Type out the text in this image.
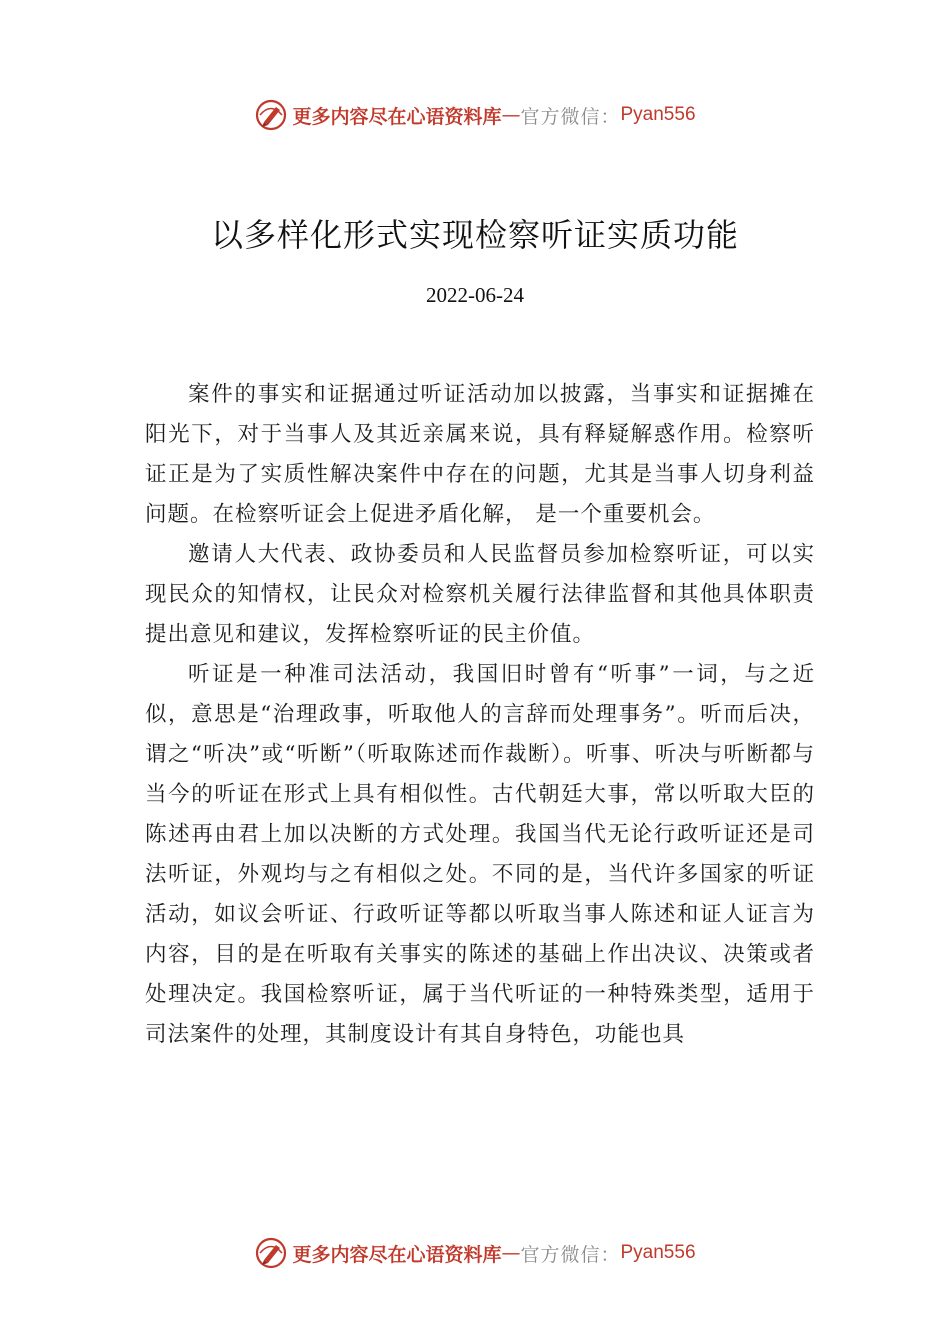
更多内容尽在心语资料库 — 官方微信： Pyan556
以多样化形式实现检察听证实质功能
2022-06-24

案件的事实和证据通过听证活动加以披露，当事实和证据摊在阳光下，对于当事人及其近亲属来说，具有释疑解惑作用。检察听证正是为了实质性解决案件中存在的问题，尤其是当事人切身利益问题。在检察听证会上促进矛盾化解， 是一个重要机会。

邀请人大代表、政协委员和人民监督员参加检察听证，可以实现民众的知情权，让民众对检察机关履行法律监督和其他具体职责提出意见和建议，发挥检察听证的民主价值。

听证是一种准司法活动，我国旧时曾有“听事”一词，与之近似，意思是“治理政事，听取他人的言辞而处理事务”。听而后决，谓之“听决”或“听断”（听取陈述而作裁断）。听事、听决与听断都与当今的听证在形式上具有相似性。古代朝廷大事，常以听取大臣的陈述再由君上加以决断的方式处理。我国当代无论行政听证还是司法听证，外观均与之有相似之处。不同的是，当代许多国家的听证活动，如议会听证、行政听证等都以听取当事人陈述和证人证言为内容，目的是在听取有关事实的陈述的基础上作出决议、决策或者处理决定。我国检察听证，属于当代听证的一种特殊类型，适用于司法案件的处理，其制度设计有其自身特色，功能也具

更多内容尽在心语资料库 — 官方微信： Pyan556
